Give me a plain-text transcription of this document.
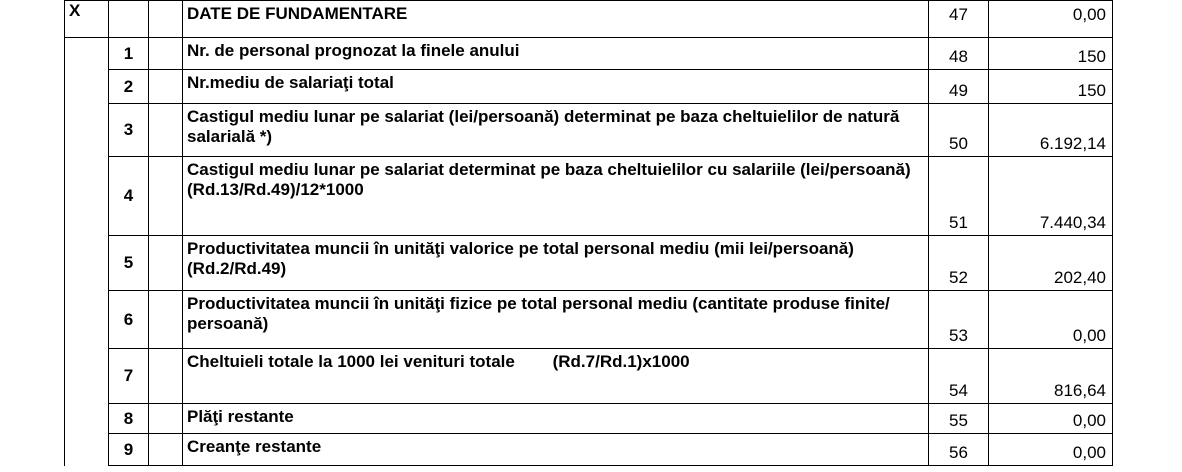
X			DATE DE FUNDAMENTARE	47	0,00
	1		Nr. de personal prognozat la finele anului	48	150
	2		Nr.mediu de salariaţi total	49	150
	3		Castigul mediu lunar pe salariat (lei/persoană) determinat pe baza cheltuielilor de natură salarială *)	50	6.192,14
	4		Castigul mediu lunar pe salariat determinat pe baza cheltuielilor cu salariile (lei/persoană) (Rd.13/Rd.49)/12*1000	51	7.440,34
	5		Productivitatea muncii în unităţi valorice pe total personal mediu (mii lei/persoană) (Rd.2/Rd.49)	52	202,40
	6		Productivitatea muncii în unităţi fizice pe total personal mediu (cantitate produse finite/ persoană)	53	0,00
	7		Cheltuieli totale la 1000 lei venituri totale        (Rd.7/Rd.1)x1000	54	816,64
	8		Plăţi restante	55	0,00
	9		Creanţe restante	56	0,00
